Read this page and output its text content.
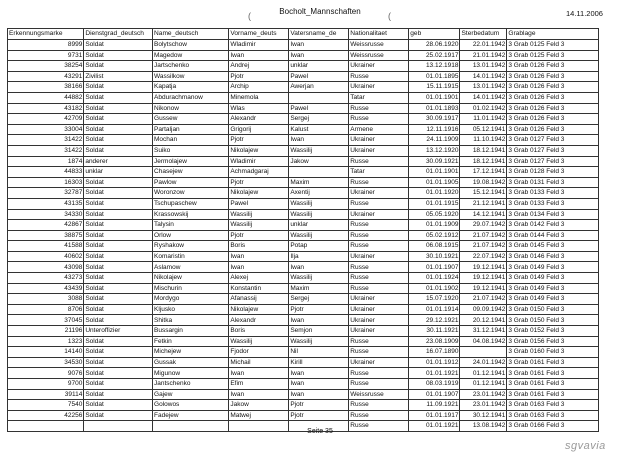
Bocholt_Mannschaften	14.11.2006
(	(
Erkennungsmarke	Dienstgrad_deutsch	Name_deutsch	Vorname_deuts	Vatersname_de	Nationalitaet	geb	Sterbedatum	Grablage
8999	Soldat	Bolytschow	Wladimir	Iwan	Weissrusse	28.06.1920	22.01.1942	3 Grab 0125 Feld 3
9731	Soldat	Magedow	Iwan	Iwan	Weissrusse	25.02.1917	21.01.1942	3 Grab 0125 Feld 3
38254	Soldat	Jartschenko	Andrej	unklar	Ukrainer	13.12.1918	13.01.1942	3 Grab 0126 Feld 3
43291	Zivilist	Wassilkow	Pjotr	Pawel	Russe	01.01.1895	14.01.1942	3 Grab 0126 Feld 3
38166	Soldat	Kapatja	Archip	Awerjan	Ukrainer	15.11.1915	13.01.1942	3 Grab 0126 Feld 3
44882	Soldat	Abdurachmanow	Minemola		Tatar	01.01.1901	14.01.1942	3 Grab 0126 Feld 3
43182	Soldat	Nikonow	Wlas	Pawel	Russe	01.01.1893	01.02.1942	3 Grab 0126 Feld 3
42709	Soldat	Gussew	Alexandr	Sergej	Russe	30.09.1917	11.01.1942	3 Grab 0126 Feld 3
33004	Soldat	Partaljan	Grigorij	Kalust	Armene	12.11.1916	05.12.1941	3 Grab 0126 Feld 3
31422	Soldat	Mochan	Pjotr	Iwan	Ukrainer	24.11.1909	11.10.1942	3 Grab 0127 Feld 3
31422	Soldat	Suiko	Nikolajew	Wassilij	Ukrainer	13.12.1920	18.12.1941	3 Grab 0127 Feld 3
1874	anderer	Jermolajew	Wladimir	Jakow	Russe	30.09.1921	18.12.1941	3 Grab 0127 Feld 3
44833	unklar	Chasejew	Achmadgaraj		Tatar	01.01.1901	17.12.1941	3 Grab 0128 Feld 3
16303	Soldat	Pawlow	Pjotr	Maxim	Russe	01.01.1905	19.08.1942	3 Grab 0131 Feld 3
32787	Soldat	Woronzow	Nikolajew	Axentij	Ukrainer	01.01.1920	15.12.1941	3 Grab 0133 Feld 3
43135	Soldat	Tschupaschew	Pawel	Wassilij	Russe	01.01.1915	21.12.1941	3 Grab 0133 Feld 3
34330	Soldat	Krassowskij	Wassilij	Wassilij	Ukrainer	05.05.1920	14.12.1941	3 Grab 0134 Feld 3
42867	Soldat	Talysin	Wassilij	unklar	Russe	01.01.1909	29.07.1942	3 Grab 0142 Feld 3
38875	Soldat	Orlow	Pjotr	Wassilij	Russe	05.02.1912	21.07.1942	3 Grab 0144 Feld 3
41588	Soldat	Ryshakow	Boris	Potap	Russe	06.08.1915	21.07.1942	3 Grab 0145 Feld 3
40602	Soldat	Komaristin	Iwan	Ilja	Ukrainer	30.10.1921	22.07.1942	3 Grab 0146 Feld 3
43098	Soldat	Aslamow	Iwan	Iwan	Russe	01.01.1907	19.12.1941	3 Grab 0149 Feld 3
43273	Soldat	Nikolajew	Alexej	Wassilij	Russe	01.01.1924	19.12.1941	3 Grab 0149 Feld 3
43439	Soldat	Mischurin	Konstantin	Maxim	Russe	01.01.1902	19.12.1941	3 Grab 0149 Feld 3
3088	Soldat	Mordygo	Afanassij	Sergej	Ukrainer	15.07.1920	21.07.1942	3 Grab 0149 Feld 3
8706	Soldat	Kljusko	Nikolajew	Pjotr	Ukrainer	01.01.1914	09.09.1942	3 Grab 0150 Feld 3
37045	Soldat	Shitka	Alexandr	Iwan	Ukrainer	29.12.1921	20.12.1941	3 Grab 0150 Feld 3
21196	Unteroffizier	Bussargin	Boris	Semjon	Ukrainer	30.11.1921	31.12.1941	3 Grab 0152 Feld 3
1323	Soldat	Fetkin	Wassilij	Wassilij	Russe	23.08.1909	04.08.1942	3 Grab 0156 Feld 3
14140	Soldat	Michejew	Fjodor	Nil	Russe	16.07.1890		3 Grab 0160 Feld 3
34530	Soldat	Gussak	Michail	Kirill	Ukrainer	01.01.1912	24.01.1942	3 Grab 0161 Feld 3
9076	Soldat	Migunow	Iwan	Iwan	Russe	01.01.1921	01.12.1941	3 Grab 0161 Feld 3
9700	Soldat	Jantschenko	Efim	Iwan	Russe	08.03.1919	01.12.1941	3 Grab 0161 Feld 3
39114	Soldat	Gajew	Iwan	Iwan	Weissrusse	01.01.1907	23.01.1942	3 Grab 0161 Feld 3
7540	Soldat	Golowos	Jakow	Pjotr	Russe	11.09.1921	23.01.1942	3 Grab 0163 Feld 3
42256	Soldat	Fadejew	Matwej	Pjotr	Russe	01.01.1917	30.12.1941	3 Grab 0163 Feld 3
					Russe	01.01.1921	13.08.1942	3 Grab 0166 Feld 3
Seite 35
sgvavia
